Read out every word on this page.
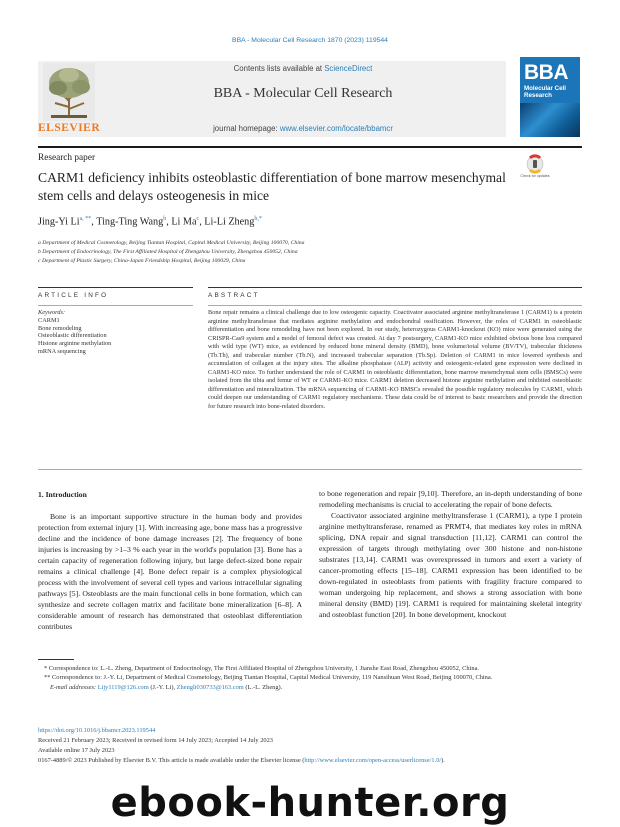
BBA - Molecular Cell Research 1870 (2023) 119544
ELSEVIER
Contents lists available at ScienceDirect
BBA - Molecular Cell Research
journal homepage: www.elsevier.com/locate/bbamcr
BBA
Molecular Cell Research
Research paper
CARM1 deficiency inhibits osteoblastic differentiation of bone marrow mesenchymal stem cells and delays osteogenesis in mice
Check for updates
Jing-Yi $Li^{a, **}$, Ting-Ting Wang$^b$, Li Ma$^c$, Li-Li Zheng$^{b,*}$
a Department of Medical Cosmetology, Beijing Tiantan Hospital, Capital Medical University, Beijing 100070, China
b Department of Endocrinology, The First Affiliated Hospital of Zhengzhou University, Zhengzhou 450052, China
c Department of Plastic Surgery, China-Japan Friendship Hospital, Beijing 100029, China
ARTICLE INFO	ABSTRACT
Keywords:
CARM1
Bone remodeling
Osteoblastic differentiation
Histone arginine methylation
mRNA sequencing
Bone repair remains a clinical challenge due to low osteogenic capacity. Coactivator associated arginine methyltransferase 1 (CARM1) is a protein arginine methyltransferase that mediates arginine methylation and endochondral ossification. However, the roles of CARM1 in osteoblastic differentiation and bone remodeling have not been explored. In our study, heterozygous CARM1-knockout (KO) mice were generated using the CRISPR-Cas9 system and a model of femoral defect was created. At day 7 postsurgery, CARM1-KO mice exhibited obvious bone loss compared with wild type (WT) mice, as evidenced by reduced bone mineral density (BMD), bone volume/total volume (BV/TV), trabecular thickness (Tb.Th), and trabecular number (Tb.N), and increased trabecular separation (Tb.Sp). Deletion of CARM1 in mice lowered synthesis and accumulation of collagen at the injury sites. The alkaline phosphatase (ALP) activity and osteogenic-related gene expression were declined in CARM1-KO mice. To further understand the role of CARM1 in osteoblastic differentiation, bone marrow mesenchymal stem cells (BMSCs) were isolated from the tibia and femur of WT or CARM1-KO mice. CARM1 deletion decreased histone arginine methylation and inhibited osteoblastic differentiation and mineralization. The mRNA sequencing of CARM1-KO BMSCs revealed the possible regulatory molecules by CARM1, which could deepen our understanding of CARM1 regulatory mechanisms. These data could be of interest to basic researchers and provide the direction for future research into bone-related disorders.
1. Introduction

Bone is an important supportive structure in the human body and provides protection from external injury [1]. With increasing age, bone mass has a progressive decline and the incidence of bone damage increases [2]. The frequency of bone injuries is increasing by >1–3 % each year in the world's population [3]. Bone has a certain capacity of regeneration following injury, but large defect-sized bone repair remains a clinical challenge [4]. Bone defect repair is a complex physiological process with the involvement of several cell types and various intracellular signaling pathways [5]. Osteoblasts are the main functional cells in bone formation, which can synthesize and secrete collagen matrix and facilitate bone mineralization [6–8]. A considerable amount of research has demonstrated that osteoblast differentiation contributes

to bone regeneration and repair [9,10]. Therefore, an in-depth understanding of bone remodeling mechanisms is crucial to accelerating the repair of bone defects.

Coactivator associated arginine methyltransferase 1 (CARM1), a type I protein arginine methyltransferase, renamed as PRMT4, that mediates key roles in mRNA splicing, DNA repair and signal transduction [11,12]. CARM1 can control the expression of targets through methylating over 300 histone and non-histone substrates [13,14]. CARM1 was overexpressed in tumors and exert a variety of cancer-promoting effects [15–18]. CARM1 expression has been identified to be down-regulated in osteoblasts from patients with fragility fracture compared to woman undergoing hip replacement, and shows a strong association with bone mineral density (BMD) [19]. CARM1 is required for maintaining skeletal integrity and osteoblast function [20]. In bone development, knockout

* Correspondence to: L.-L. Zheng, Department of Endocrinology, The First Affiliated Hospital of Zhengzhou University, 1 Jianshe East Road, Zhengzhou 450052, China.

** Correspondence to: J.-Y. Li, Department of Medical Cosmetology, Beijing Tiantan Hospital, Capital Medical University, 119 Nansihuan West Road, Beijing 100070, China.

E-mail addresses: Lijy1119@126.com (J.-Y. Li), Zhengli030733@163.com (L.-L. Zheng).

https://doi.org/10.1016/j.bbamcr.2023.119544
Received 21 February 2023; Received in revised form 14 July 2023; Accepted 14 July 2023
Available online 17 July 2023
0167-4889/© 2023 Published by Elsevier B.V. This article is made available under the Elsevier license (http://www.elsevier.com/open-access/userlicense/1.0/).
ebook-hunter.org
